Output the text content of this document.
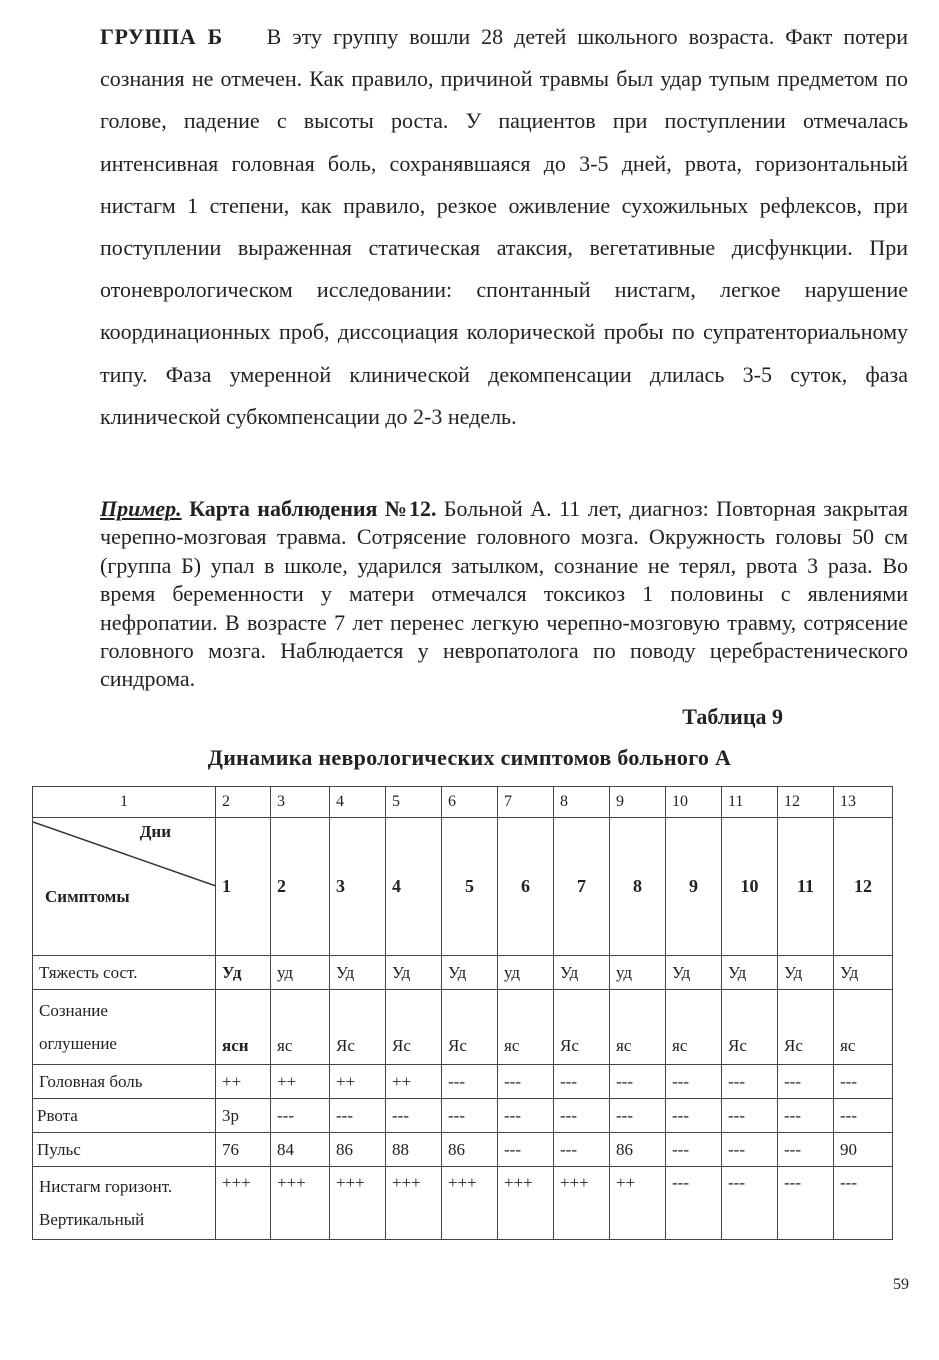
ГРУППА Б В эту группу вошли 28 детей школьного возраста. Факт потери сознания не отмечен. Как правило, причиной травмы был удар тупым предметом по голове, падение с высоты роста. У пациентов при поступлении отмечалась интенсивная головная боль, сохранявшаяся до 3-5 дней, рвота, горизонтальный нистагм 1 степени, как правило, резкое оживление сухожильных рефлексов, при поступлении выраженная статическая атаксия, вегетативные дисфункции. При отоневрологическом исследовании: спонтанный нистагм, легкое нарушение координационных проб, диссоциация колорической пробы по супратенториальному типу. Фаза умеренной клинической декомпенсации длилась 3-5 суток, фаза клинической субкомпенсации до 2-3 недель.
Пример. Карта наблюдения №12. Больной А. 11 лет, диагноз: Повторная закрытая черепно-мозговая травма. Сотрясение головного мозга. Окружность головы 50 см (группа Б) упал в школе, ударился затылком, сознание не терял, рвота 3 раза. Во время беременности у матери отмечался токсикоз 1 половины с явлениями нефропатии. В возрасте 7 лет перенес легкую черепно-мозговую травму, сотрясение головного мозга. Наблюдается у невропатолога по поводу церебрастенического синдрома.
Таблица 9
Динамика неврологических симптомов больного А
1	2	3	4	5	6	7	8	9	10	11	12	13

Дни
Симптомы	1	2	3	4	5	6	7	8	9	10	11	12
Тяжесть сост.	Уд	уд	Уд	Уд	Уд	уд	Уд	уд	Уд	Уд	Уд	Уд

Сознание
оглушение	ясн	яс	Яс	Яс	Яс	яс	Яс	яс	яс	Яс	Яс	яс
Головная боль	++	++	++	++	---	---	---	---	---	---	---	---
Рвота	3р	---	---	---	---	---	---	---	---	---	---	---
Пульс	76	84	86	88	86	---	---	86	---	---	---	90

Нистагм горизонт.
Вертикальный	+++	+++	+++	+++	+++	+++	+++	++	---	---	---	---
59
